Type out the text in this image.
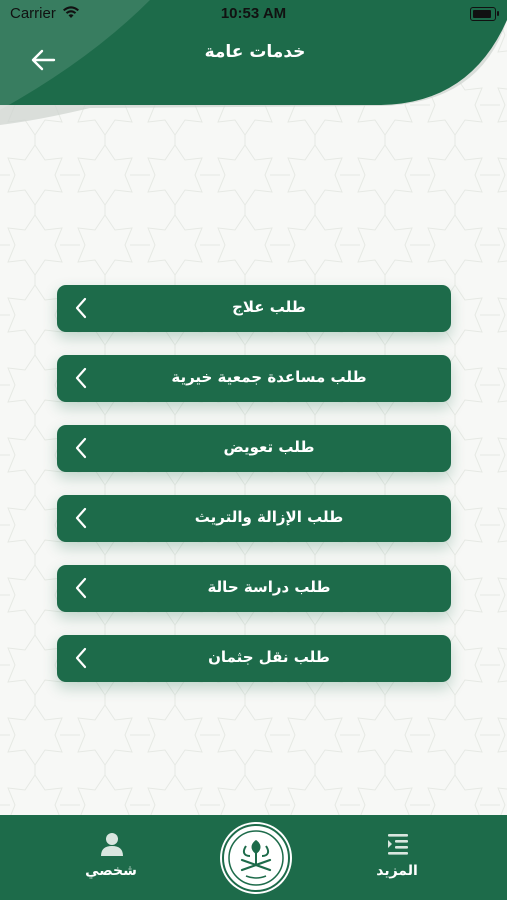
Carrier	10:53 AM
خدمات عامة
طلب علاج
طلب مساعدة جمعية خيرية
طلب تعويض
طلب الإزالة والتريث
طلب دراسة حالة
طلب نقل جثمان
شخصي	المزيد
